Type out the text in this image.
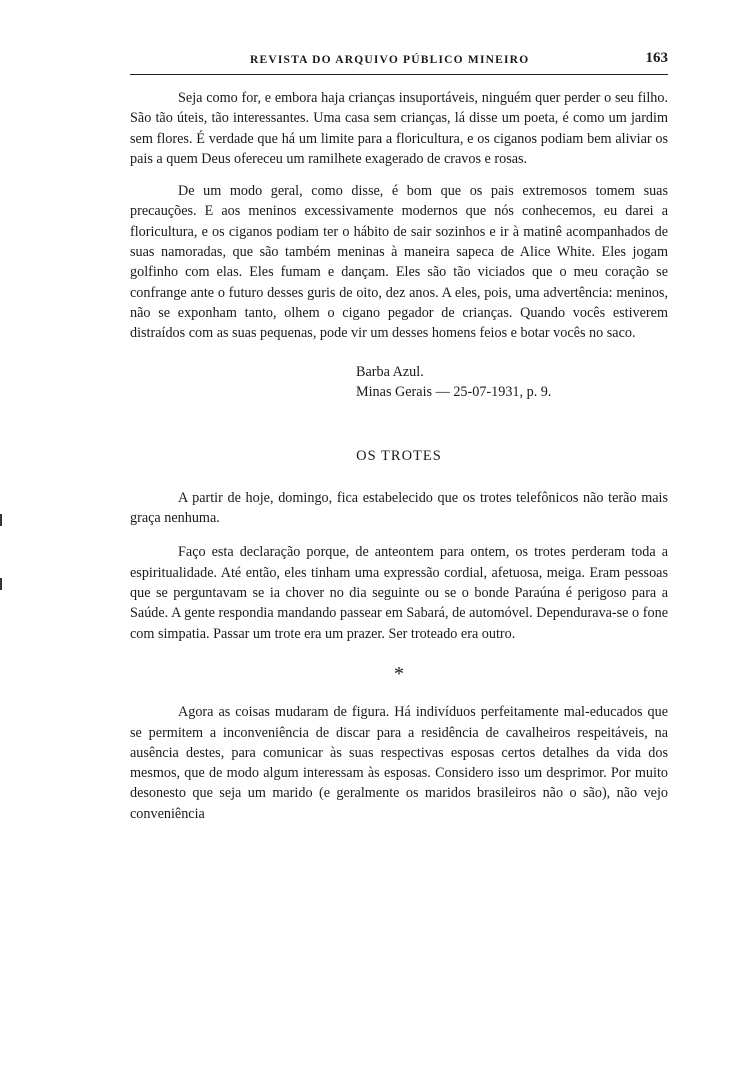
REVISTA DO ARQUIVO PÚBLICO MINEIRO	163

Seja como for, e embora haja crianças insuportáveis, ninguém quer perder o seu filho. São tão úteis, tão interessantes. Uma casa sem crianças, lá disse um poeta, é como um jardim sem flores. É verdade que há um limite para a floricultura, e os ciganos podiam bem aliviar os pais a quem Deus ofereceu um ramilhete exagerado de cravos e rosas.

De um modo geral, como disse, é bom que os pais extremosos tomem suas precauções. E aos meninos excessivamente modernos que nós conhecemos, eu darei a floricultura, e os ciganos podiam ter o hábito de sair sozinhos e ir à matinê acompanhados de suas namoradas, que são também meninas à maneira sapeca de Alice White. Eles jogam golfinho com elas. Eles fumam e dançam. Eles são tão viciados que o meu coração se confrange ante o futuro desses guris de oito, dez anos. A eles, pois, uma advertência: meninos, não se exponham tanto, olhem o cigano pegador de crianças. Quando vocês estiverem distraídos com as suas pequenas, pode vir um desses homens feios e botar vocês no saco.

Barba Azul.
Minas Gerais — 25-07-1931, p. 9.
OS TROTES

A partir de hoje, domingo, fica estabelecido que os trotes telefônicos não terão mais graça nenhuma.

Faço esta declaração porque, de anteontem para ontem, os trotes perderam toda a espiritualidade. Até então, eles tinham uma expressão cordial, afetuosa, meiga. Eram pessoas que se perguntavam se ia chover no dia seguinte ou se o bonde Paraúna é perigoso para a Saúde. A gente respondia mandando passear em Sabará, de automóvel. Dependurava-se o fone com simpatia. Passar um trote era um prazer. Ser troteado era outro.

*

Agora as coisas mudaram de figura. Há indivíduos perfeitamente mal-educados que se permitem a inconveniência de discar para a residência de cavalheiros respeitáveis, na ausência destes, para comunicar às suas respectivas esposas certos detalhes da vida dos mesmos, que de modo algum interessam às esposas. Considero isso um desprimor. Por muito desonesto que seja um marido (e geralmente os maridos brasileiros não o são), não vejo conveniência
